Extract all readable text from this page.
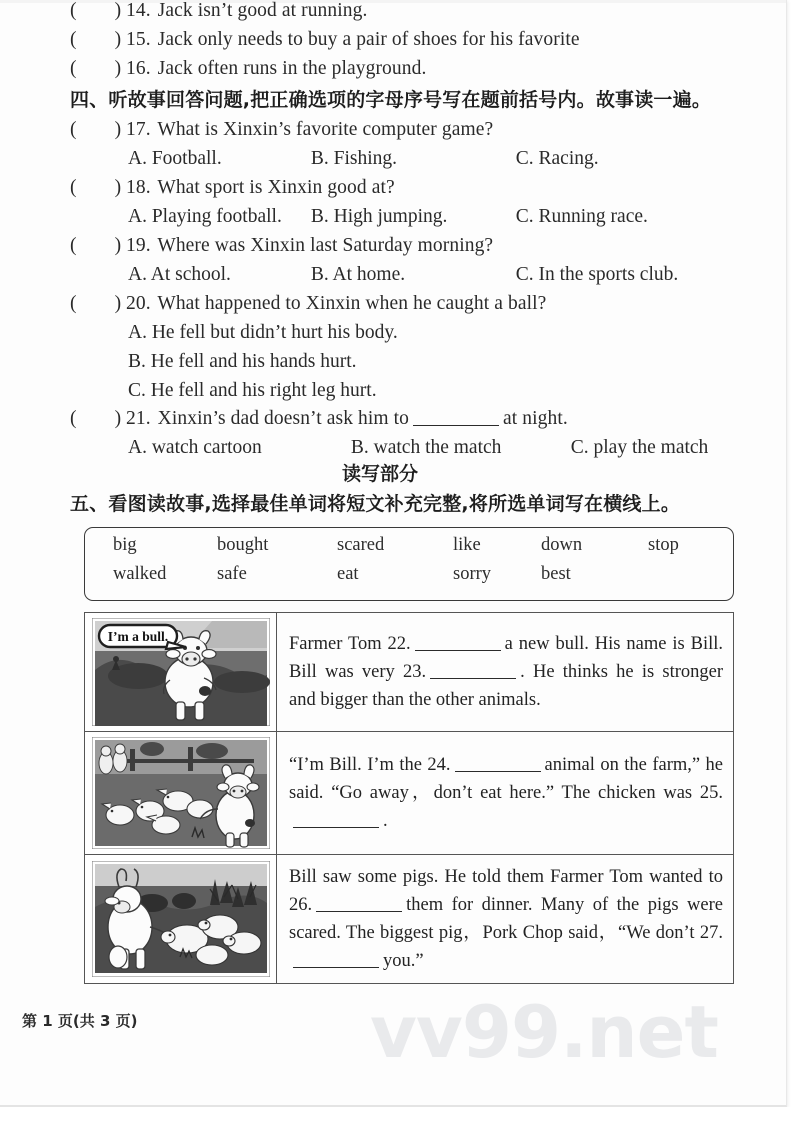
( ) 14. Jack isn’t good at running.
( ) 15. Jack only needs to buy a pair of shoes for his favorite
( ) 16. Jack often runs in the playground.
四、听故事回答问题,把正确选项的字母序号写在题前括号内。故事读一遍。
( ) 17. What is Xinxin’s favorite computer game?
A. Football.	B. Fishing.	C. Racing.
( ) 18. What sport is Xinxin good at?
A. Playing football. B. High jumping.	C. Running race.
( ) 19. Where was Xinxin last Saturday morning?
A. At school.	B. At home.	C. In the sports club.
( ) 20. What happened to Xinxin when he caught a ball?
A. He fell but didn’t hurt his body.
B. He fell and his hands hurt.
C. He fell and his right leg hurt.
( ) 21. Xinxin’s dad doesn’t ask him to	at night.
A. watch cartoon	B. watch the match	C. play the match
读写部分
五、看图读故事,选择最佳单词将短文补充完整,将所选单词写在横线上。
big	bought	scared	like	down	stop
walked	safe	eat	sorry	best
I’m a bull.	Farmer Tom 22.	a new bull. His name is Bill. Bill was very 23.	. He thinks he is stronger and bigger than the other animals.

“I’m Bill. I’m the 24.	animal on the farm,” he said. “Go away，don’t eat here.” The chicken was 25..

Bill saw some pigs. He told them Farmer Tom wanted to 26.	them for dinner. Many of the pigs were scared. The biggest pig，Pork Chop said，“We don’t 27.you.”

vv99.net
第 1 页(共 3 页)
